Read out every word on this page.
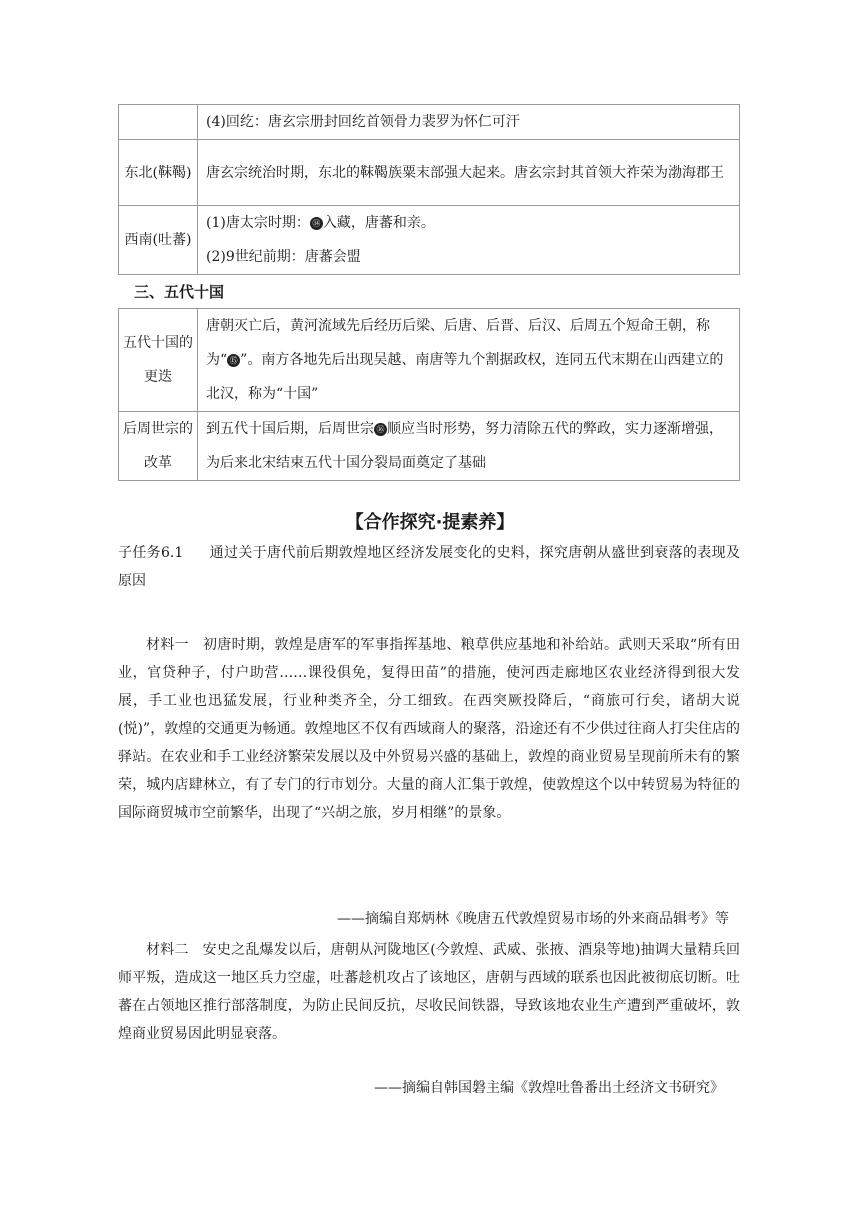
	(4)回纥：唐玄宗册封回纥首领骨力裴罗为怀仁可汗
东北(靺鞨)	唐玄宗统治时期，东北的靺鞨族粟末部强大起来。唐玄宗封其首领大祚荣为渤海郡王
西南(吐蕃)	(1)唐太宗时期： ⑭ 入藏，唐蕃和亲。
(2)9世纪前期：唐蕃会盟
三、五代十国
五代十国的更迭	唐朝灭亡后，黄河流域先后经历后梁、后唐、后晋、后汉、后周五个短命王朝，称为“ ⑮ ”。南方各地先后出现吴越、南唐等九个割据政权，连同五代末期在山西建立的北汉，称为“十国”
后周世宗的改革	到五代十国后期，后周世宗 ⑯ 顺应当时形势，努力清除五代的弊政，实力逐渐增强，为后来北宋结束五代十国分裂局面奠定了基础
【合作探究·提素养】

子任务6.1 通过关于唐代前后期敦煌地区经济发展变化的史料，探究唐朝从盛世到衰落的表现及原因

材料一 初唐时期，敦煌是唐军的军事指挥基地、粮草供应基地和补给站。武则天采取“所有田业，官贷种子，付户助营……课役俱免，复得田苗”的措施，使河西走廊地区农业经济得到很大发展，手工业也迅猛发展，行业种类齐全，分工细致。在西突厥投降后，“商旅可行矣，诸胡大说(悦)”，敦煌的交通更为畅通。敦煌地区不仅有西域商人的聚落，沿途还有不少供过往商人打尖住店的驿站。在农业和手工业经济繁荣发展以及中外贸易兴盛的基础上，敦煌的商业贸易呈现前所未有的繁荣，城内店肆林立，有了专门的行市划分。大量的商人汇集于敦煌，使敦煌这个以中转贸易为特征的国际商贸城市空前繁华，出现了“兴胡之旅，岁月相继”的景象。

——摘编自郑炳林《晚唐五代敦煌贸易市场的外来商品辑考》等

材料二 安史之乱爆发以后，唐朝从河陇地区(今敦煌、武威、张掖、酒泉等地)抽调大量精兵回师平叛，造成这一地区兵力空虚，吐蕃趁机攻占了该地区，唐朝与西域的联系也因此被彻底切断。吐蕃在占领地区推行部落制度，为防止民间反抗，尽收民间铁器，导致该地农业生产遭到严重破坏，敦煌商业贸易因此明显衰落。

——摘编自韩国磐主编《敦煌吐鲁番出土经济文书研究》
